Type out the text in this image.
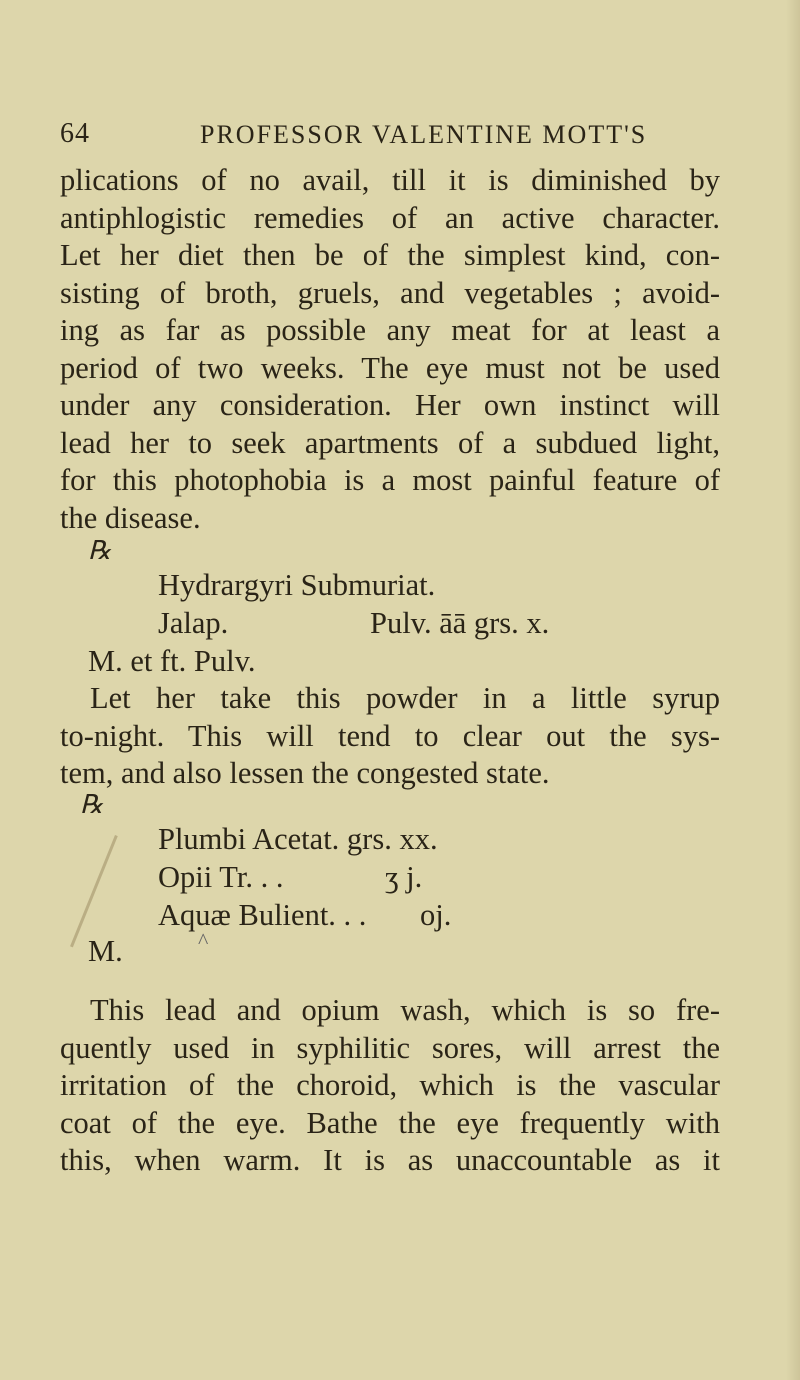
64	PROFESSOR VALENTINE MOTT'S
plications of no avail, till it is diminished by
antiphlogistic remedies of an active character.
Let her diet then be of the simplest kind, con-
sisting of broth, gruels, and vegetables ; avoid-
ing as far as possible any meat for at least a
period of two weeks. The eye must not be used
under any consideration. Her own instinct will
lead her to seek apartments of a subdued light,
for this photophobia is a most painful feature of
the disease.
℞
Hydrargyri Submuriat.
Jalap.	Pulv. āā grs. x.
M. et ft. Pulv.
Let her take this powder in a little syrup
to-night. This will tend to clear out the sys-
tem, and also lessen the congested state.
℞
Plumbi Acetat. grs. xx.
Opii Tr. . .	ʒ j.
Aquæ Bulient. . . oj.
M.	^
This lead and opium wash, which is so fre-
quently used in syphilitic sores, will arrest the
irritation of the choroid, which is the vascular
coat of the eye. Bathe the eye frequently with
this, when warm. It is as unaccountable as it
